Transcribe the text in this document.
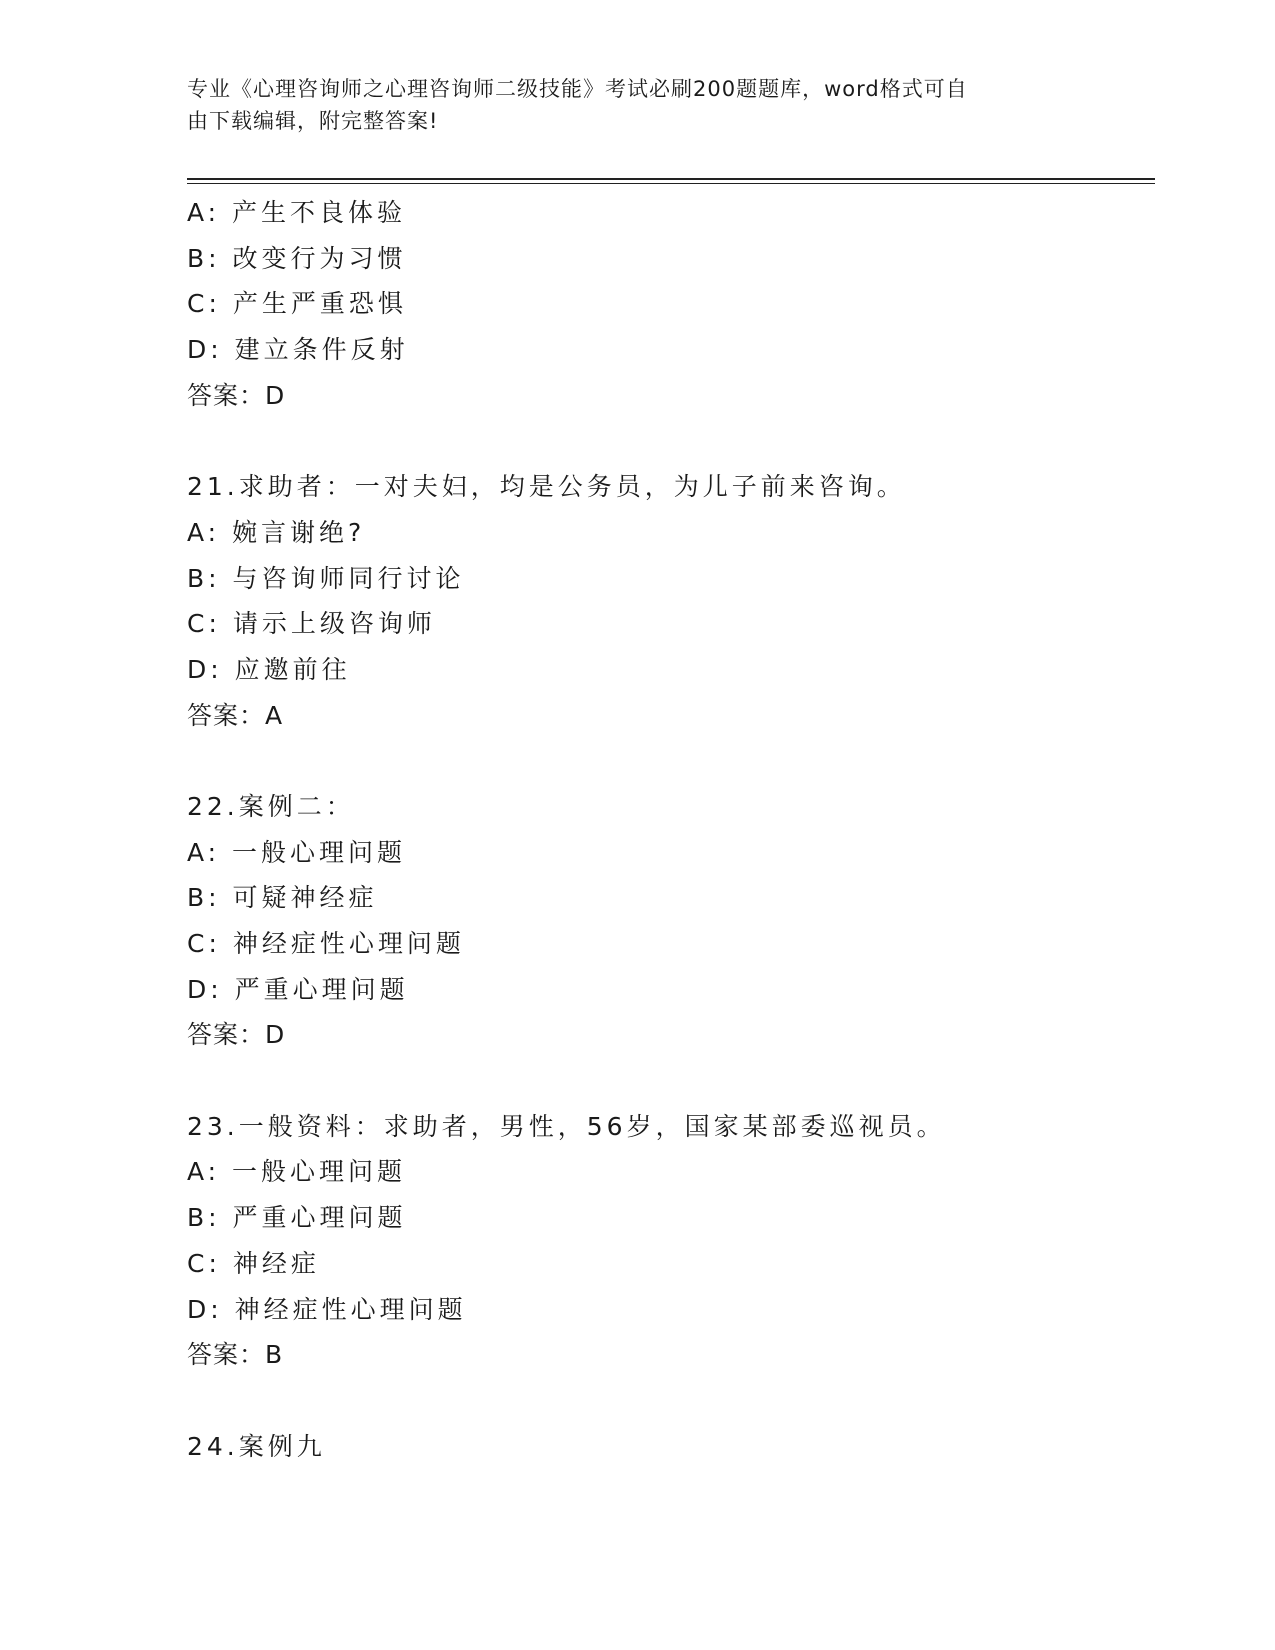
专业《心理咨询师之心理咨询师二级技能》考试必刷200题题库，word格式可自
由下载编辑，附完整答案!
A: 产生不良体验
B: 改变行为习惯
C: 产生严重恐惧
D: 建立条件反射
答案：D
21.求助者：一对夫妇，均是公务员，为儿子前来咨询。
A: 婉言谢绝?
B: 与咨询师同行讨论
C: 请示上级咨询师
D: 应邀前往
答案：A
22.案例二：
A: 一般心理问题
B: 可疑神经症
C: 神经症性心理问题
D: 严重心理问题
答案：D
23.一般资料：求助者，男性，56岁，国家某部委巡视员。
A: 一般心理问题
B: 严重心理问题
C: 神经症
D: 神经症性心理问题
答案：B
24.案例九
